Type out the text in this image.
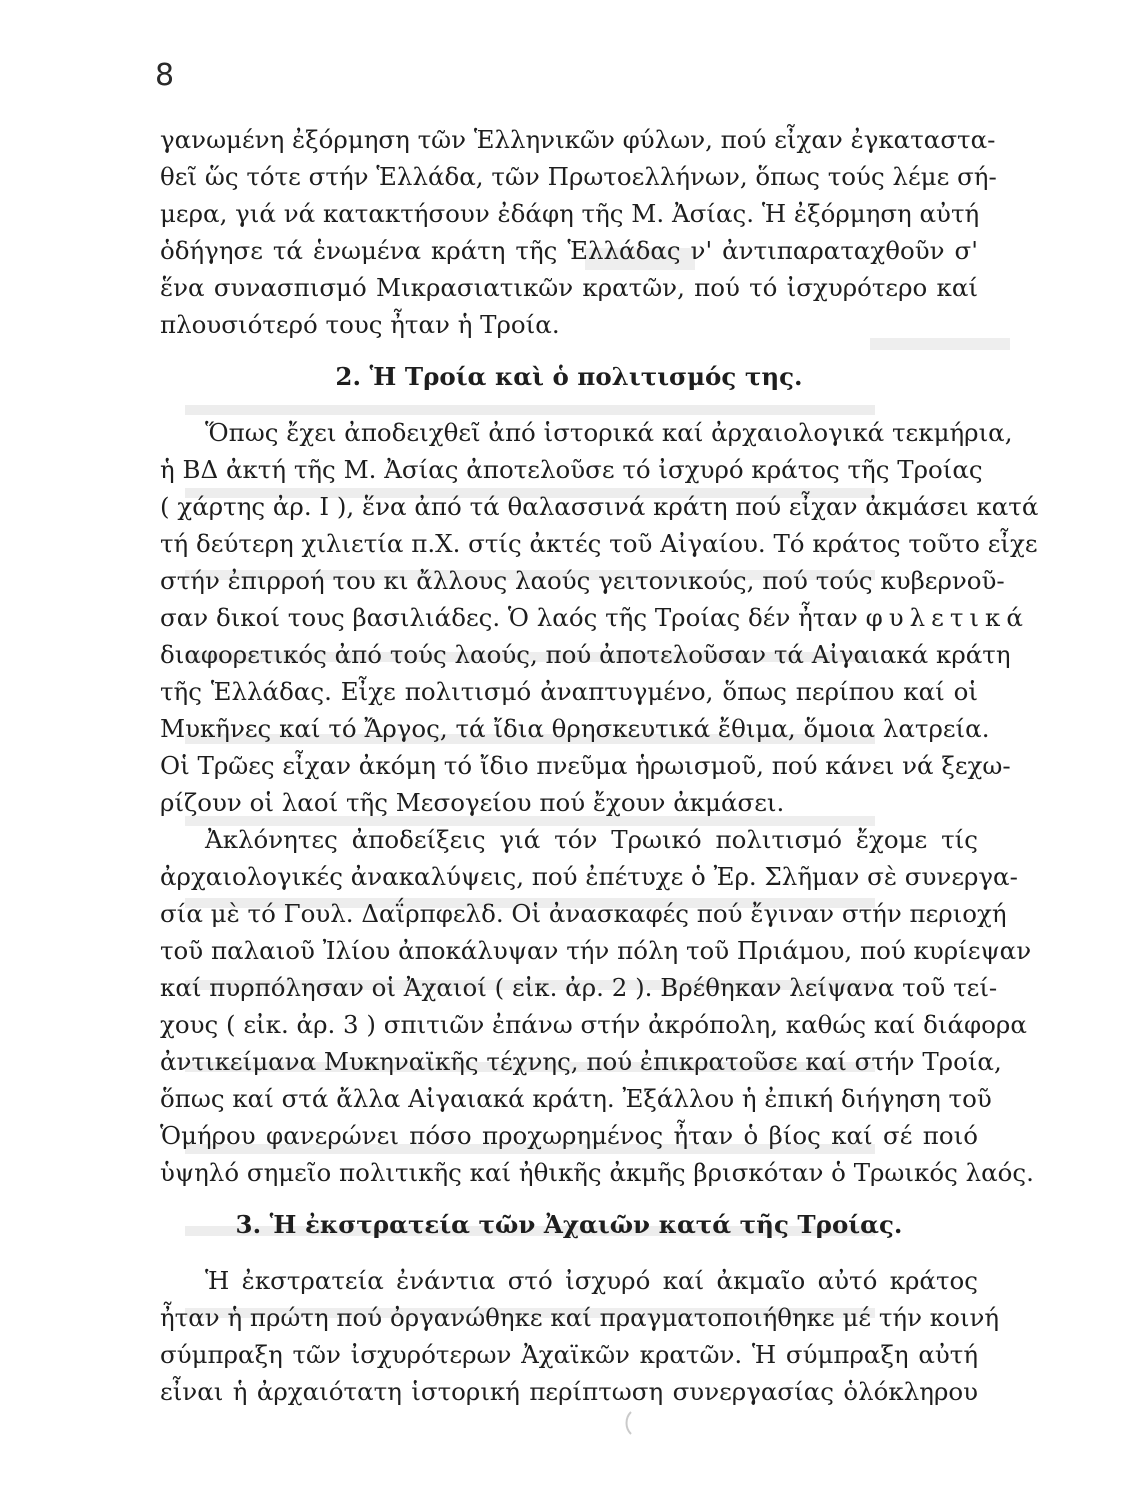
8
γανωμένη ἐξόρμηση τῶν Ἑλληνικῶν φύλων, πού εἶχαν ἐγκαταστα-
θεῖ ὥς τότε στήν Ἑλλάδα, τῶν Πρωτοελλήνων, ὅπως τούς λέμε σή-
μερα, γιά νά κατακτήσουν ἐδάφη τῆς Μ. Ἀσίας. Ἡ ἐξόρμηση αὐτή
ὁδήγησε τά ἑνωμένα κράτη τῆς Ἑλλάδας ν' ἀντιπαραταχθοῦν σ'
ἕνα συνασπισμό Μικρασιατικῶν κρατῶν, πού τό ἰσχυρότερο καί
πλουσιότερό τους ἦταν ἡ Τροία.
2. Ἡ Τροία καὶ ὁ πολιτισμός της.
Ὅπως ἔχει ἀποδειχθεῖ ἀπό ἱστορικά καί ἀρχαιολογικά τεκμήρια,
ἡ ΒΔ ἀκτή τῆς Μ. Ἀσίας ἀποτελοῦσε τό ἰσχυρό κράτος τῆς Τροίας
( χάρτης ἀρ. Ι ), ἕνα ἀπό τά θαλασσινά κράτη πού εἶχαν ἀκμάσει κατά
τή δεύτερη χιλιετία π.Χ. στίς ἀκτές τοῦ Αἰγαίου. Τό κράτος τοῦτο εἶχε
στήν ἐπιρροή του κι ἄλλους λαούς γειτονικούς, πού τούς κυβερνοῦ-
σαν δικοί τους βασιλιάδες. Ὁ λαός τῆς Τροίας δέν ἦταν φυλετικά
διαφορετικός ἀπό τούς λαούς, πού ἀποτελοῦσαν τά Αἰγαιακά κράτη
τῆς Ἑλλάδας. Εἶχε πολιτισμό ἀναπτυγμένο, ὅπως περίπου καί οἱ
Μυκῆνες καί τό Ἄργος, τά ἴδια θρησκευτικά ἔθιμα, ὅμοια λατρεία.
Οἱ Τρῶες εἶχαν ἀκόμη τό ἴδιο πνεῦμα ἡρωισμοῦ, πού κάνει νά ξεχω-
ρίζουν οἱ λαοί τῆς Μεσογείου πού ἔχουν ἀκμάσει.
Ἀκλόνητες ἀποδείξεις γιά τόν Τρωικό πολιτισμό ἔχομε τίς
ἀρχαιολογικές ἀνακαλύψεις, πού ἐπέτυχε ὁ Ἐρ. Σλῆμαν σὲ συνεργα-
σία μὲ τό Γουλ. Δαΐρπφελδ. Οἱ ἀνασκαφές πού ἔγιναν στήν περιοχή
τοῦ παλαιοῦ Ἰλίου ἀποκάλυψαν τήν πόλη τοῦ Πριάμου, πού κυρίεψαν
καί πυρπόλησαν οἱ Ἀχαιοί ( εἰκ. ἀρ. 2 ). Βρέθηκαν λείψανα τοῦ τεί-
χους ( εἰκ. ἀρ. 3 ) σπιτιῶν ἐπάνω στήν ἀκρόπολη, καθώς καί διάφορα
ἀντικείμανα Μυκηναϊκῆς τέχνης, πού ἐπικρατοῦσε καί στήν Τροία,
ὅπως καί στά ἄλλα Αἰγαιακά κράτη. Ἐξάλλου ἡ ἐπική διήγηση τοῦ
Ὁμήρου φανερώνει πόσο προχωρημένος ἦταν ὁ βίος καί σέ ποιό
ὑψηλό σημεῖο πολιτικῆς καί ἠθικῆς ἀκμῆς βρισκόταν ὁ Τρωικός λαός.
3. Ἡ ἐκστρατεία τῶν Ἀχαιῶν κατά τῆς Τροίας.
Ἡ ἐκστρατεία ἐνάντια στό ἰσχυρό καί ἀκμαῖο αὐτό κράτος
ἦταν ἡ πρώτη πού ὀργανώθηκε καί πραγματοποιήθηκε μέ τήν κοινή
σύμπραξη τῶν ἰσχυρότερων Ἀχαϊκῶν κρατῶν. Ἡ σύμπραξη αὐτή
εἶναι ἡ ἀρχαιότατη ἱστορική περίπτωση συνεργασίας ὁλόκληρου
